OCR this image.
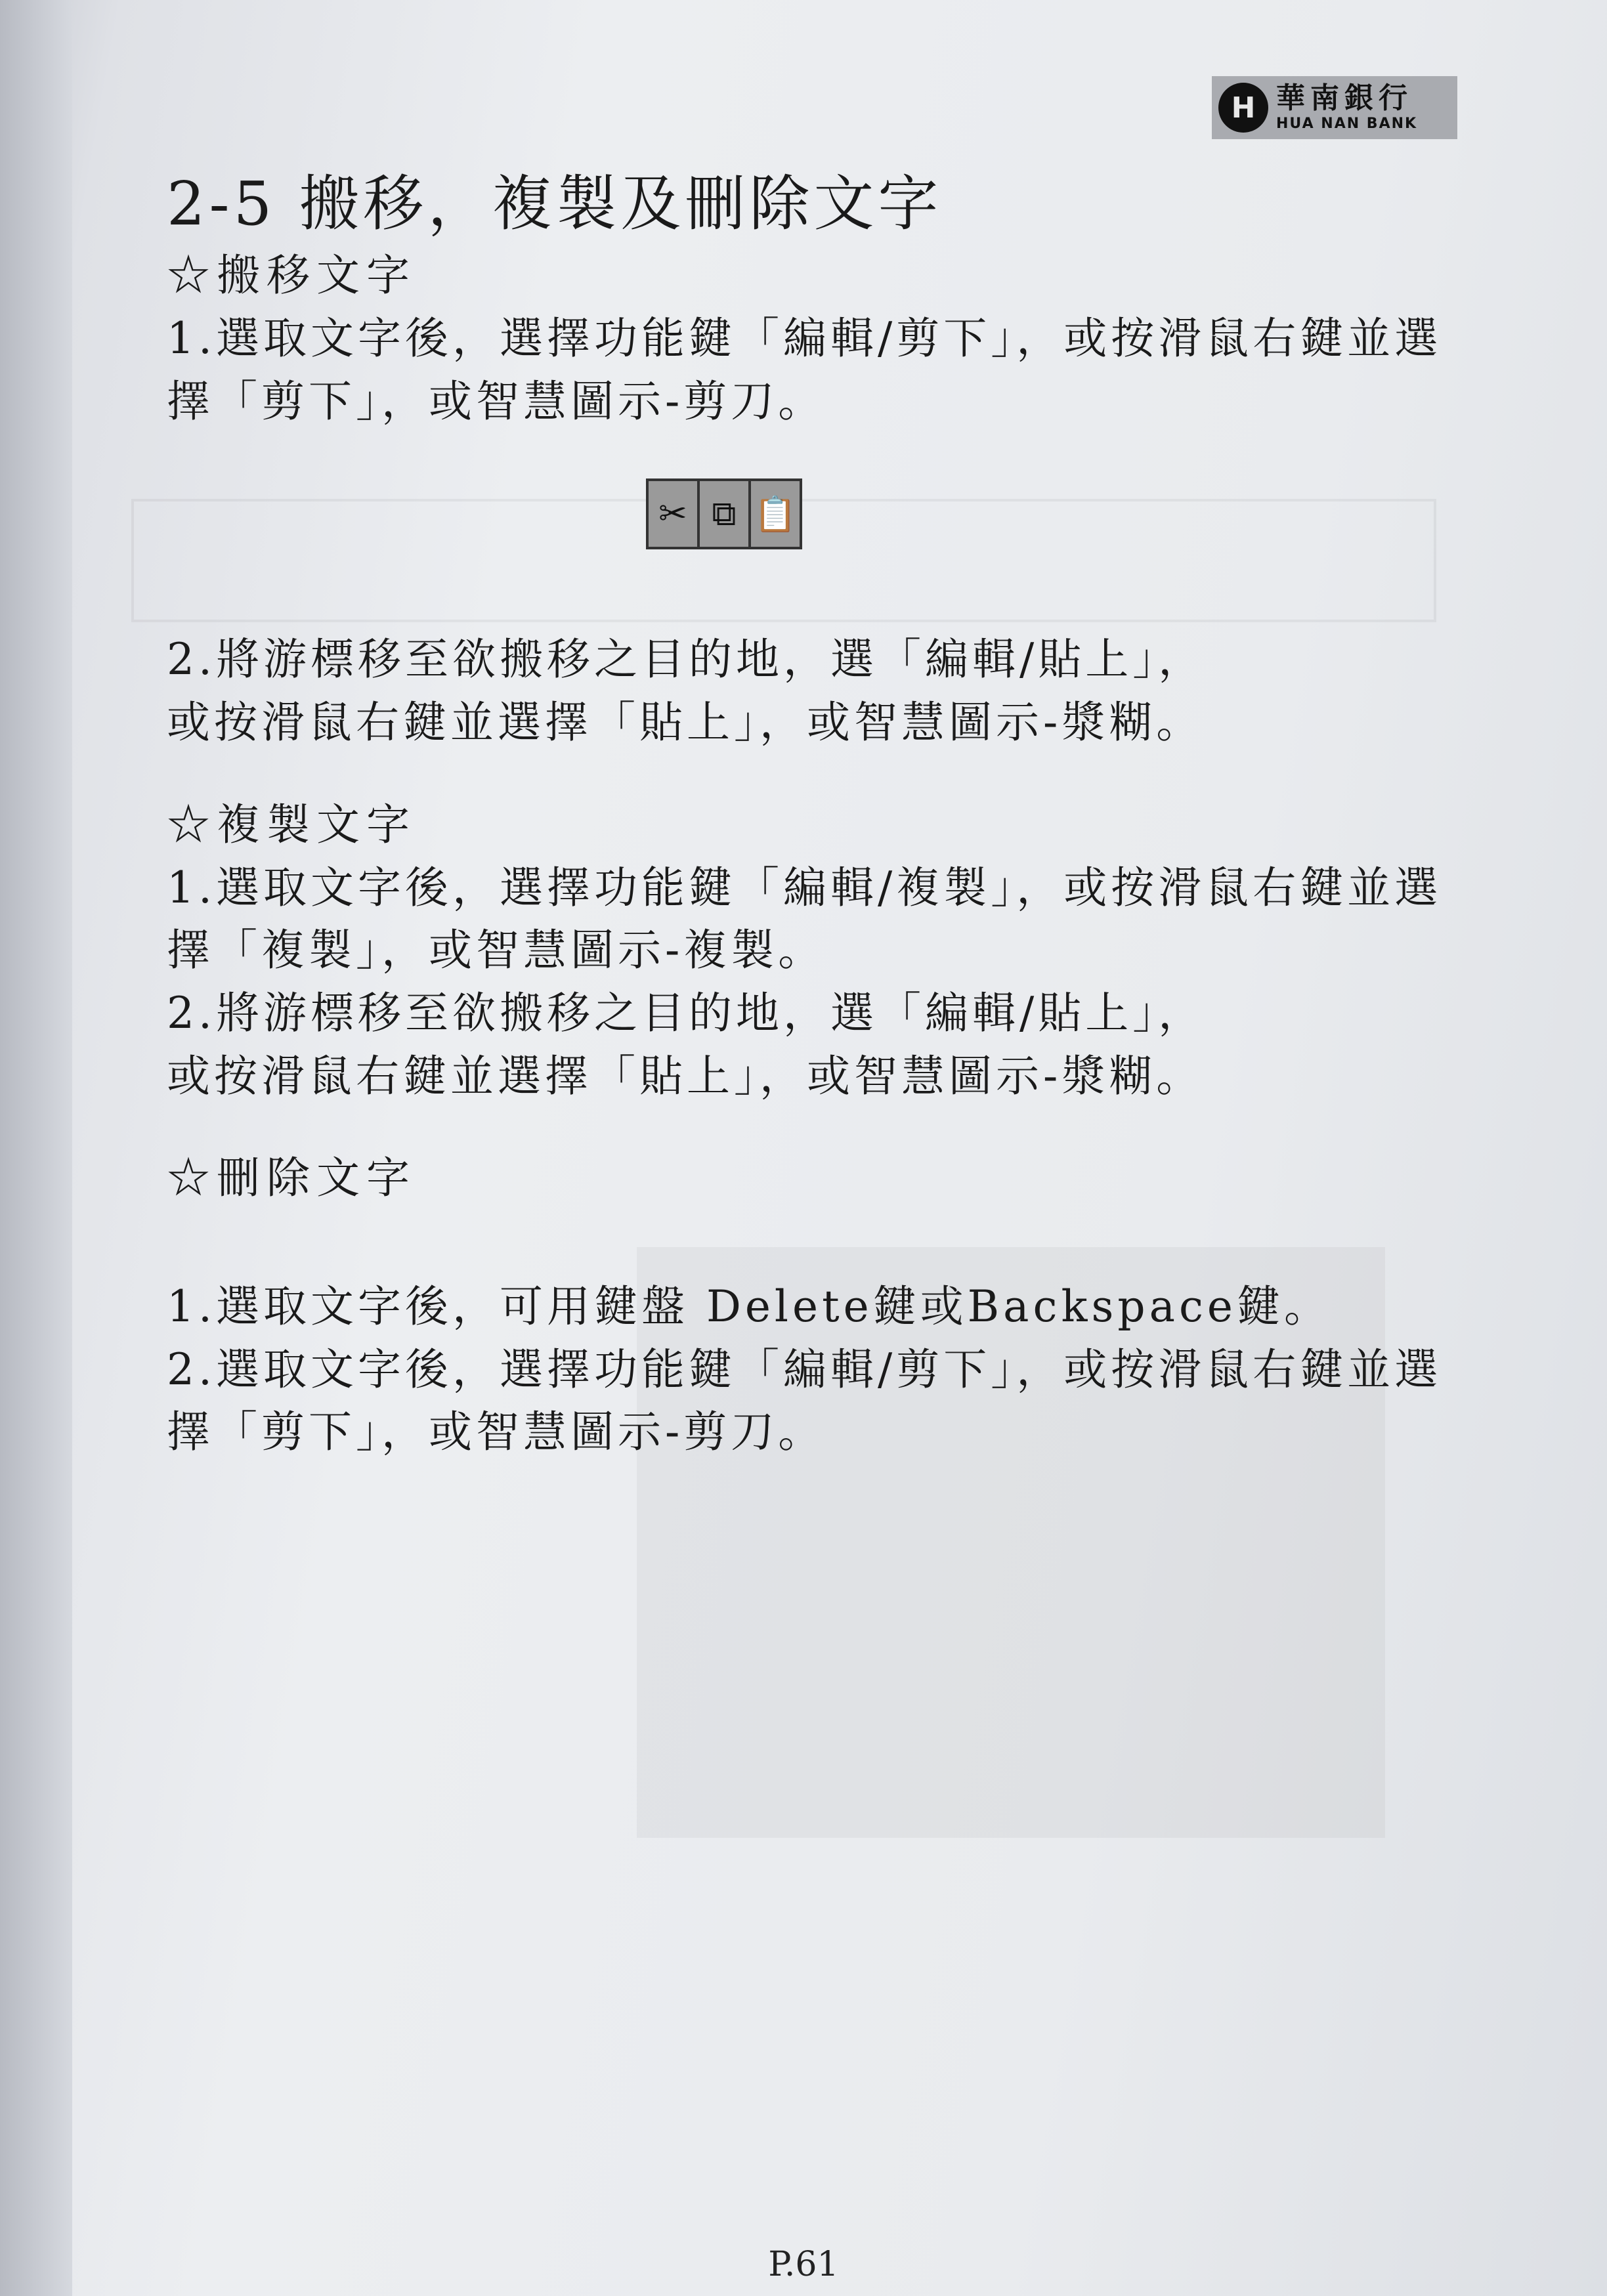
H 華南銀行
HUA NAN BANK
2-5 搬移，複製及刪除文字
☆搬移文字
1.選取文字後，選擇功能鍵「編輯/剪下」，或按滑鼠右鍵並選擇「剪下」，或智慧圖示-剪刀。
✂ ⧉ 📋
2.將游標移至欲搬移之目的地，選「編輯/貼上」，
或按滑鼠右鍵並選擇「貼上」，或智慧圖示-漿糊。
☆複製文字
1.選取文字後，選擇功能鍵「編輯/複製」，或按滑鼠右鍵並選擇「複製」，或智慧圖示-複製。
2.將游標移至欲搬移之目的地，選「編輯/貼上」，
或按滑鼠右鍵並選擇「貼上」，或智慧圖示-漿糊。
☆刪除文字
1.選取文字後，可用鍵盤 Delete鍵或Backspace鍵。
2.選取文字後，選擇功能鍵「編輯/剪下」，或按滑鼠右鍵並選擇「剪下」，或智慧圖示-剪刀。
P.61
